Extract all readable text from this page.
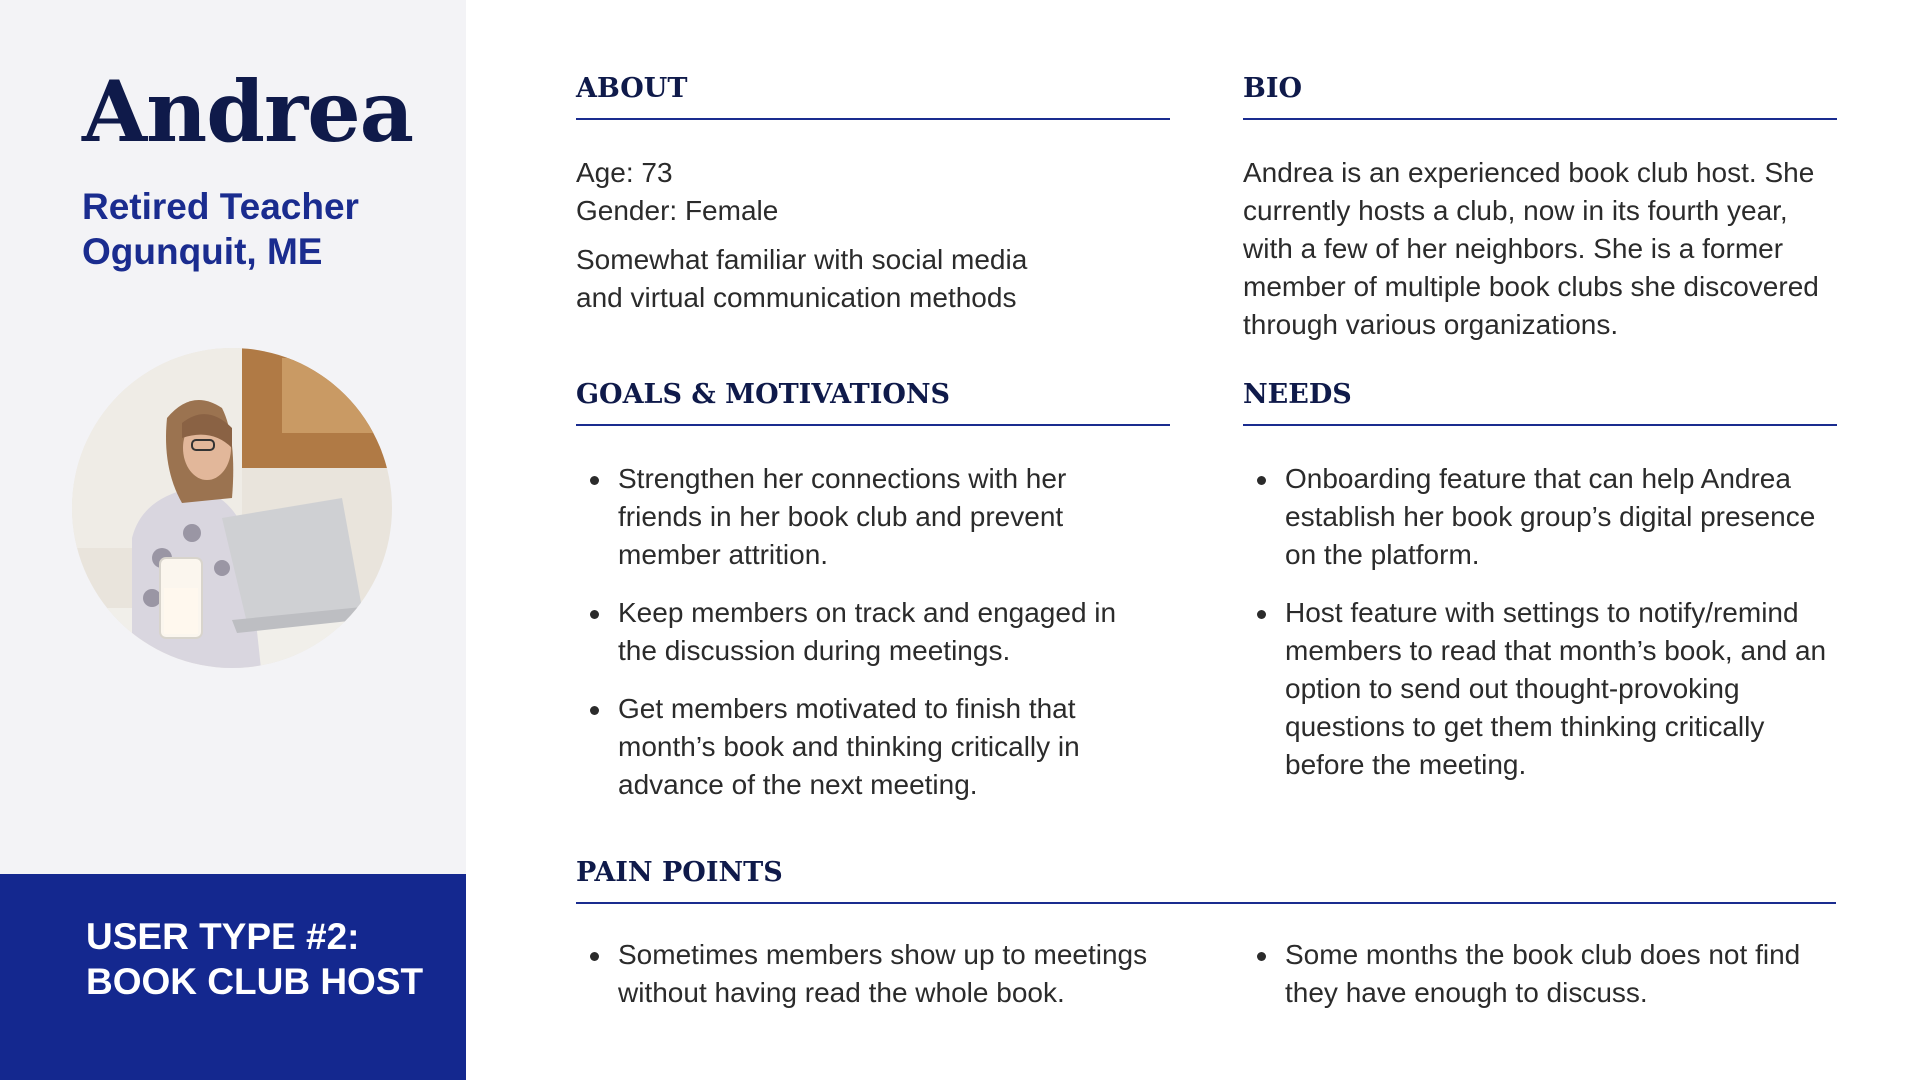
Andrea

Retired Teacher

Ogunquit, ME

USER TYPE #2: BOOK CLUB HOST

ABOUT

Age: 73

Gender: Female

Somewhat familiar with social media and virtual communication methods

BIO

Andrea is an experienced book club host. She currently hosts a club, now in its fourth year, with a few of her neighbors. She is a former member of multiple book clubs she discovered through various organizations.

GOALS & MOTIVATIONS
Strengthen her connections with her friends in her book club and prevent member attrition.
Keep members on track and engaged in the discussion during meetings.
Get members motivated to finish that month’s book and thinking critically in advance of the next meeting.
NEEDS
Onboarding feature that can help Andrea establish her book group’s digital presence on the platform.
Host feature with settings to notify/remind members to read that month’s book, and an option to send out thought-provoking questions to get them thinking critically before the meeting.
PAIN POINTS
Sometimes members show up to meetings without having read the whole book.
Some months the book club does not find they have enough to discuss.
